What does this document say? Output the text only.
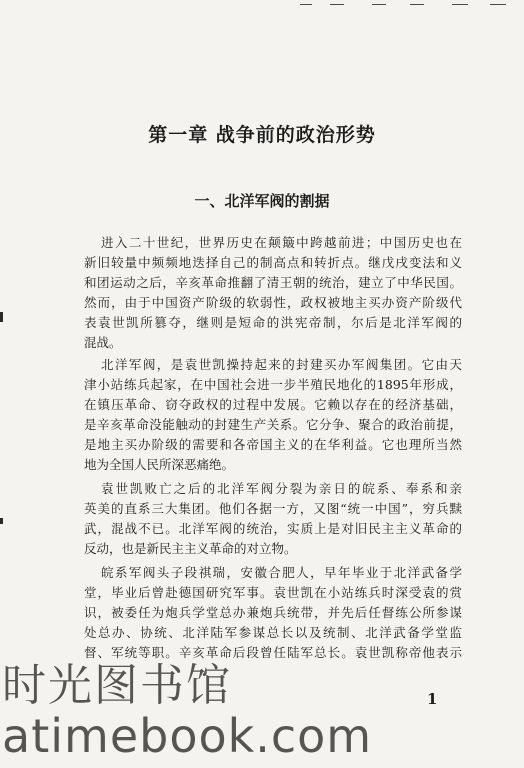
第一章 战争前的政治形势
一、北洋军阀的割据
进入二十世纪，世界历史在颠簸中跨越前进；中国历史也在
新旧较量中频频地迭择自己的制高点和转折点。继戊戌变法和义
和团运动之后，辛亥革命推翻了清王朝的统治，建立了中华民国。
然而，由于中国资产阶级的软弱性，政权被地主买办资产阶级代
表袁世凯所篡夺，继则是短命的洪宪帝制，尔后是北洋军阀的
混战。
北洋军阀，是袁世凯操持起来的封建买办军阀集团。它由天
津小站练兵起家，在中国社会进一步半殖民地化的1895年形成，
在镇压革命、窃夺政权的过程中发展。它赖以存在的经济基础，
是辛亥革命没能触动的封建生产关系。它分争、聚合的政治前提，
是地主买办阶级的需要和各帝国主义的在华利益。它也理所当然
地为全国人民所深恶痛绝。
袁世凯败亡之后的北洋军阀分裂为亲日的皖系、奉系和亲
英美的直系三大集团。他们各据一方，又图“统一中国”，穷兵黩
武，混战不已。北洋军阀的统治，实质上是对旧民主主义革命的
反动，也是新民主主义革命的对立物。
皖系军阀头子段祺瑞，安徽合肥人，早年毕业于北洋武备学
堂，毕业后曾赴德国研究军事。袁世凯在小站练兵时深受袁的赏
识，被委任为炮兵学堂总办兼炮兵统带，并先后任督练公所参谋
处总办、协统、北洋陆军参谋总长以及统制、北洋武备学堂监
督、军统等职。辛亥革命后段曾任陆军总长。袁世凯称帝他表示
1
时光图书馆
atimebook.com
